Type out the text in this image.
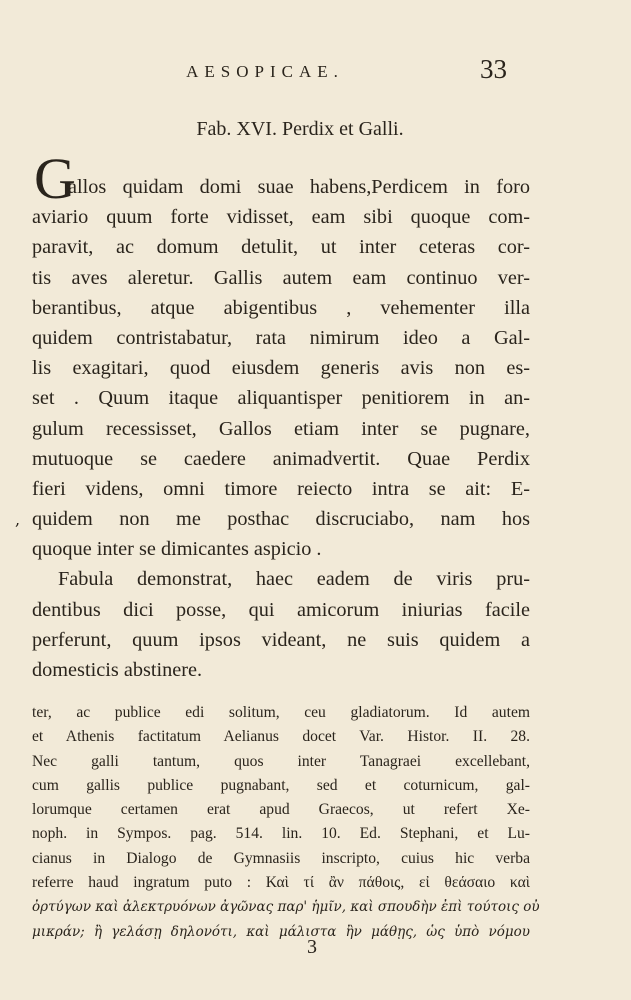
AESOPICAE.	33
Fab. XVI. Perdix et Galli.
G
allos quidam domi suae habens,Perdicem in foro
aviario quum forte vidisset, eam sibi quoque com-
paravit, ac domum detulit, ut inter ceteras cor-
tis aves aleretur. Gallis autem eam continuo ver-
berantibus, atque abigentibus , vehementer illa
quidem contristabatur, rata nimirum ideo a Gal-
lis exagitari, quod eiusdem generis avis non es-
set . Quum itaque aliquantisper penitiorem in an-
gulum recessisset, Gallos etiam inter se pugnare,
mutuoque se caedere animadvertit. Quae Perdix
fieri videns, omni timore reiecto intra se ait: E-
quidem non me posthac discruciabo, nam hos
quoque inter se dimicantes aspicio .
Fabula demonstrat, haec eadem de viris pru-
dentibus dici posse, qui amicorum iniurias facile
perferunt, quum ipsos videant, ne suis quidem a
domesticis abstinere.
,
ter, ac publice edi solitum, ceu gladiatorum. Id autem
et Athenis factitatum Aelianus docet Var. Histor. II. 28.
Nec galli tantum, quos inter Tanagraei excellebant,
cum gallis publice pugnabant, sed et coturnicum, gal-
lorumque certamen erat apud Graecos, ut refert Xe-
noph. in Sympos. pag. 514. lin. 10. Ed. Stephani, et Lu-
cianus in Dialogo de Gymnasiis inscripto, cuius hic verba
referre haud ingratum puto : Καὶ τί ἂν πάθοις, εἰ θεάσαιο καὶ
ὀρτύγων καὶ ἀλεκτρυόνων ἀγῶνας παρ' ἡμῖν, καὶ σπουδὴν ἐπὶ τούτοις οὐ
μικράν; ἢ γελάσῃ δηλονότι, καὶ μάλιστα ἢν μάθῃς, ὡς ὑπὸ νόμου
3
